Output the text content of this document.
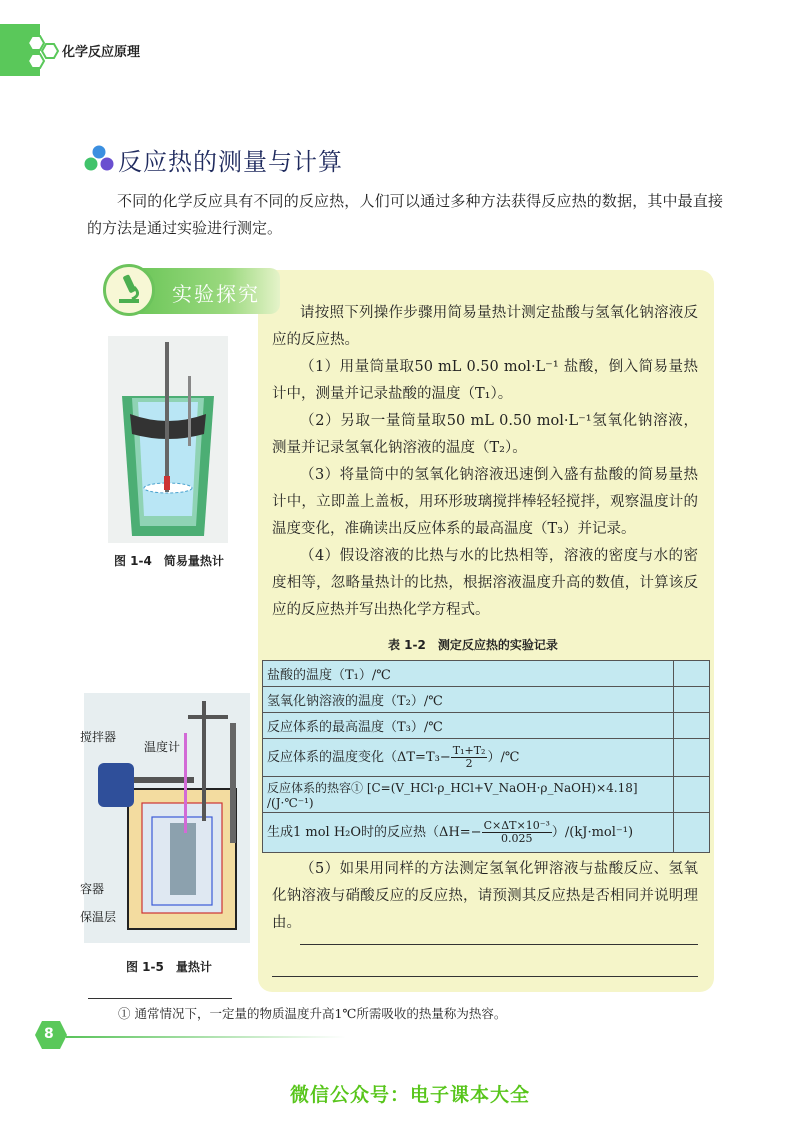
化学反应原理
反应热的测量与计算
不同的化学反应具有不同的反应热，人们可以通过多种方法获得反应热的数据，其中最直接的方法是通过实验进行测定。
实验探究

请按照下列操作步骤用简易量热计测定盐酸与氢氧化钠溶液反应的反应热。

（1）用量筒量取50 mL 0.50 mol·L⁻¹ 盐酸，倒入简易量热计中，测量并记录盐酸的温度（T₁）。

（2）另取一量筒量取50 mL 0.50 mol·L⁻¹氢氧化钠溶液，测量并记录氢氧化钠溶液的温度（T₂）。

（3）将量筒中的氢氧化钠溶液迅速倒入盛有盐酸的简易量热计中，立即盖上盖板，用环形玻璃搅拌棒轻轻搅拌，观察温度计的温度变化，准确读出反应体系的最高温度（T₃）并记录。

（4）假设溶液的比热与水的比热相等，溶液的密度与水的密度相等，忽略量热计的比热，根据溶液温度升高的数值，计算该反应的反应热并写出热化学方程式。

图 1-4　简易量热计
表 1-2　测定反应热的实验记录
盐酸的温度（T₁）/℃	
氢氧化钠溶液的温度（T₂）/℃	
反应体系的最高温度（T₃）/℃	
反应体系的温度变化（$\Delta T=T_3- \frac{\text{T₁+T₂}}{2}$ ）/℃	
反应体系的热容① [C=(V_HCl·ρ_HCl+V_NaOH·ρ_NaOH)×4.18] /(J·℃⁻¹)	
生成1 mol H₂O时的反应热$(\Delta H=- \frac{\text{C×ΔT×10⁻³}}{0.025} )/(kJ\cdot mol^{-1})$	
（5）如果用同样的方法测定氢氧化钾溶液与盐酸反应、氢氧化钠溶液与硝酸反应的反应热，请预测其反应热是否相同并说明理由。
搅拌器
温度计
容器
保温层
图 1-5　量热计
① 通常情况下，一定量的物质温度升高1℃所需吸收的热量称为热容。
8
微信公众号：电子课本大全
